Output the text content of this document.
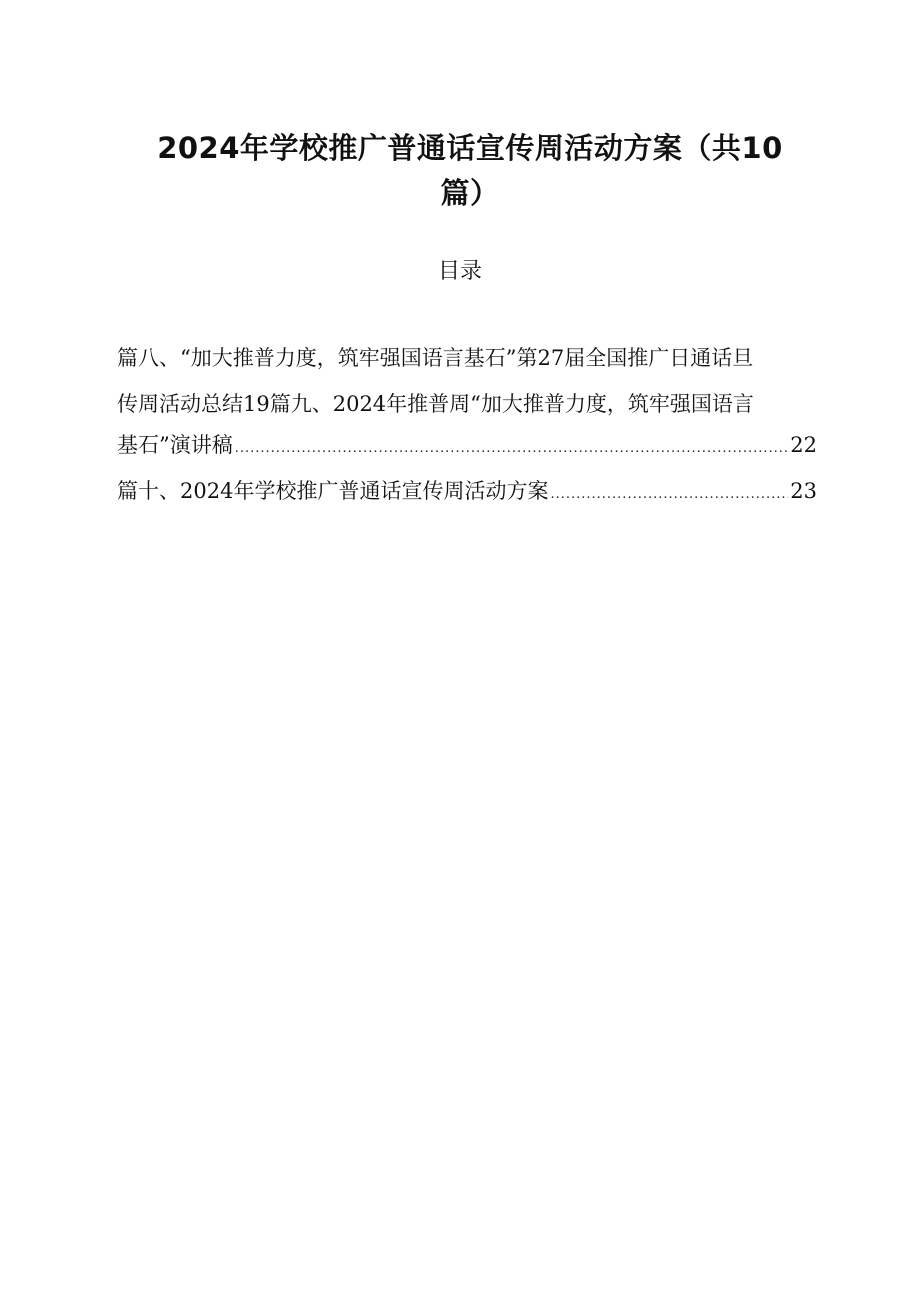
2024年学校推广普通话宣传周活动方案（共10
篇）
目录
篇八、“加大推普力度，筑牢强国语言基石”第27届全国推广日通话旦
传周活动总结19篇九、2024年推普周“加大推普力度，筑牢强国语言
基石”演讲稿 .....	22
篇十、2024年学校推广普通话宣传周活动方案 .....	23
